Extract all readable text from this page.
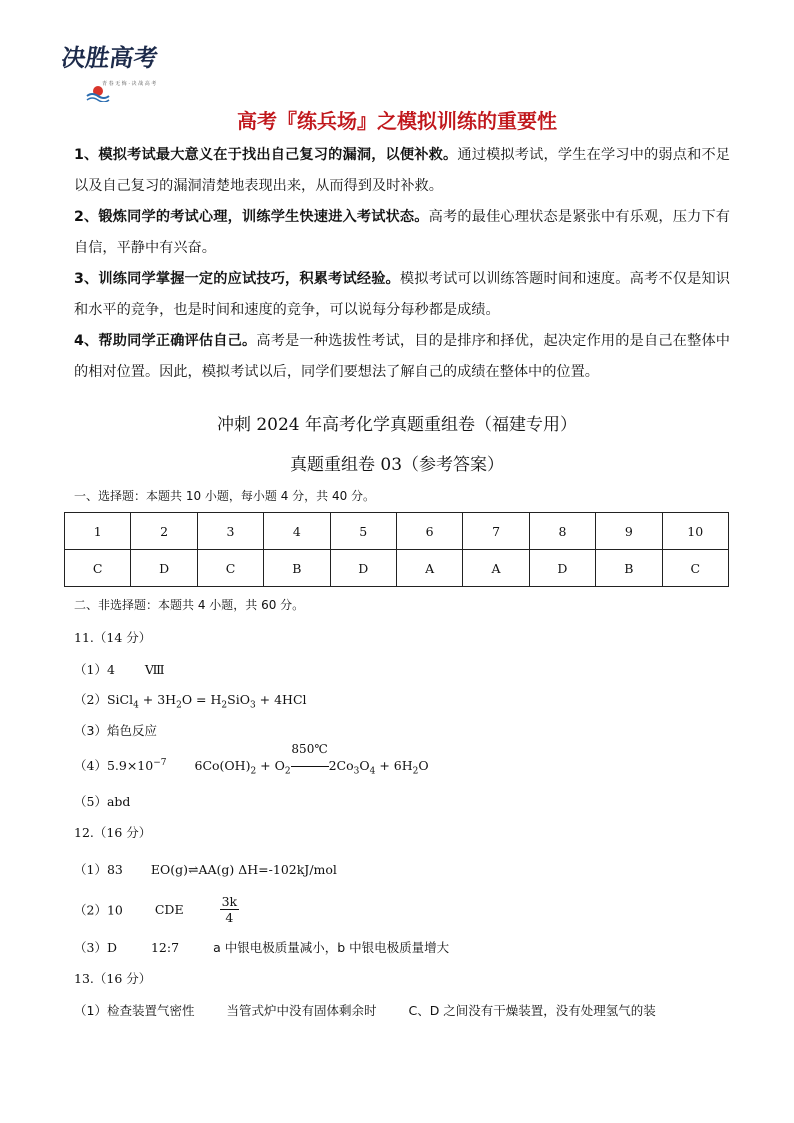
决胜高考
青 春 无 悔 · 决 战 高 考
高考『练兵场』之模拟训练的重要性
1、模拟考试最大意义在于找出自己复习的漏洞，以便补救。通过模拟考试，学生在学习中的弱点和不足以及自己复习的漏洞清楚地表现出来，从而得到及时补救。
2、锻炼同学的考试心理，训练学生快速进入考试状态。高考的最佳心理状态是紧张中有乐观，压力下有自信，平静中有兴奋。
3、训练同学掌握一定的应试技巧，积累考试经验。模拟考试可以训练答题时间和速度。高考不仅是知识和水平的竞争，也是时间和速度的竞争，可以说每分每秒都是成绩。
4、帮助同学正确评估自己。高考是一种选拔性考试，目的是排序和择优，起决定作用的是自己在整体中的相对位置。因此，模拟考试以后，同学们要想法了解自己的成绩在整体中的位置。
冲刺 2024 年高考化学真题重组卷（福建专用）
真题重组卷 03（参考答案）
一、选择题：本题共 10 小题，每小题 4 分，共 40 分。
1	2	3	4	5	6	7	8	9	10
C	D	C	B	D	A	A	D	B	C
二、非选择题：本题共 4 小题，共 60 分。
11.（14 分）
（1）4 Ⅷ
（2）SiCl$_4$ + $3H_2O = H_2SiO_3 + 4HCl$
（3）焰色反应
$(4)5.9\times 10^{-7}$ $6Co(OH)_2 + O_2$
850℃
$2Co_3O_4 + 6H_2O$
（5）abd
12.（16 分）
（1）83 EO(g)⇌AA(g) ΔH=-102kJ/mol
（2）10	CDE	$\frac{3k}{4}$
（3）D	12:7	a 中银电极质量减小，b 中银电极质量增大
13.（16 分）
（1）检查装置气密性	当管式炉中没有固体剩余时	C、D 之间没有干燥装置，没有处理氢气的装
